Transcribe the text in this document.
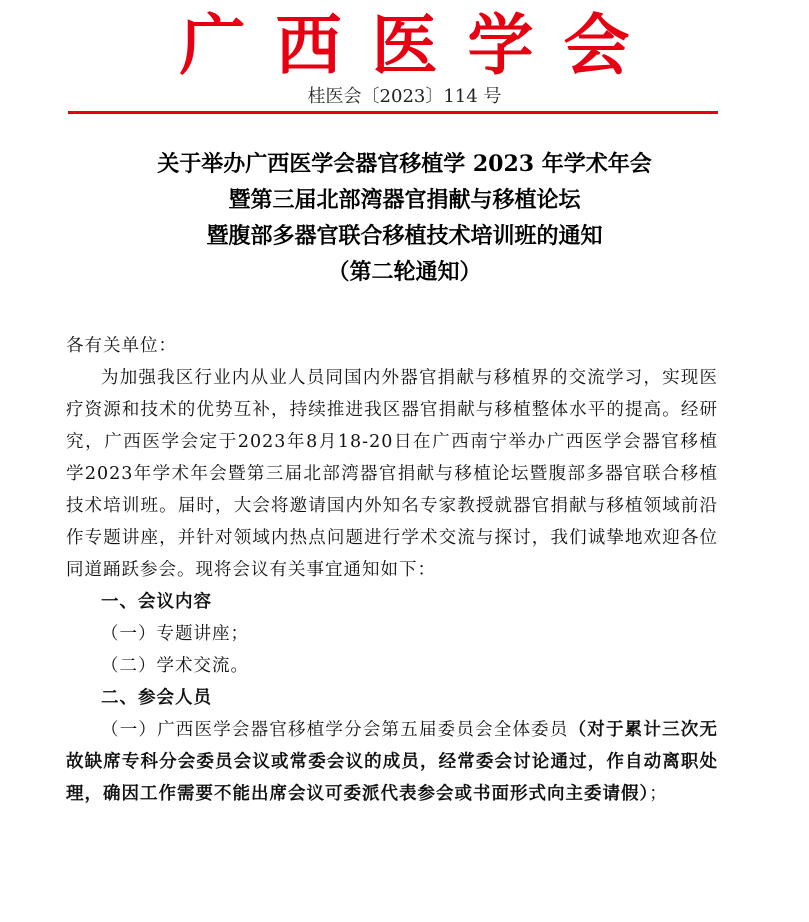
广西医学会
桂医会〔2023〕114 号
关于举办广西医学会器官移植学 2023 年学术年会
暨第三届北部湾器官捐献与移植论坛
暨腹部多器官联合移植技术培训班的通知
（第二轮通知）

各有关单位：

为加强我区行业内从业人员同国内外器官捐献与移植界的交流学习，实现医疗资源和技术的优势互补，持续推进我区器官捐献与移植整体水平的提高。经研究，广西医学会定于2023年8月18-20日在广西南宁举办广西医学会器官移植学2023年学术年会暨第三届北部湾器官捐献与移植论坛暨腹部多器官联合移植技术培训班。届时，大会将邀请国内外知名专家教授就器官捐献与移植领域前沿作专题讲座，并针对领域内热点问题进行学术交流与探讨，我们诚挚地欢迎各位同道踊跃参会。现将会议有关事宜通知如下：

一、会议内容

（一）专题讲座；

（二）学术交流。

二、参会人员

（一）广西医学会器官移植学分会第五届委员会全体委员（对于累计三次无故缺席专科分会委员会议或常委会议的成员，经常委会讨论通过，作自动离职处理，确因工作需要不能出席会议可委派代表参会或书面形式向主委请假）；
